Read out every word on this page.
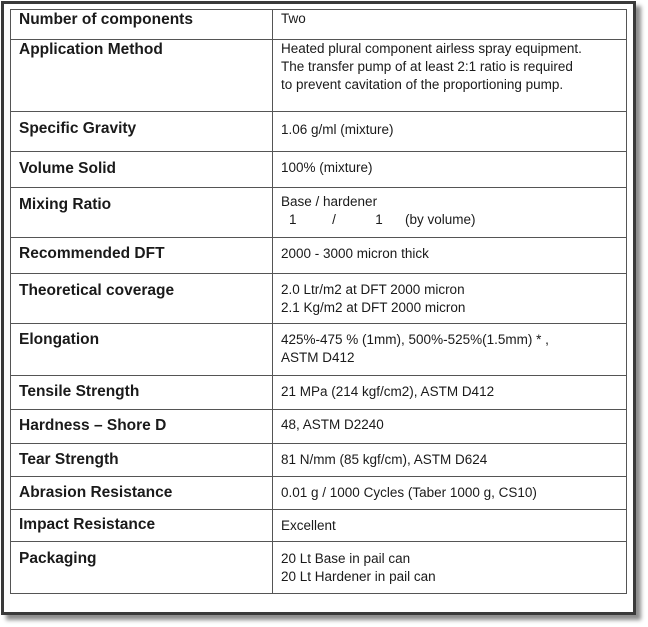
Number of components	Two

Application Method	Heated plural component airless spray equipment.
The transfer pump of at least 2:1 ratio is required
to prevent cavitation of the proportioning pump.

Specific Gravity	1.06 g/ml (mixture)

Volume Solid	100% (mixture)

Mixing Ratio	Base / hardener
1 / 1 (by volume)

Recommended DFT	2000 - 3000 micron thick

Theoretical coverage	2.0 Ltr/m2 at DFT 2000 micron
2.1 Kg/m2 at DFT 2000 micron

Elongation	425%-475 % (1mm), 500%-525%(1.5mm) * ,
ASTM D412

Tensile Strength	21 MPa (214 kgf/cm2), ASTM D412

Hardness – Shore D	48, ASTM D2240

Tear Strength	81 N/mm (85 kgf/cm), ASTM D624

Abrasion Resistance	0.01 g / 1000 Cycles (Taber 1000 g, CS10)

Impact Resistance	Excellent

Packaging	20 Lt Base in pail can
20 Lt Hardener in pail can
